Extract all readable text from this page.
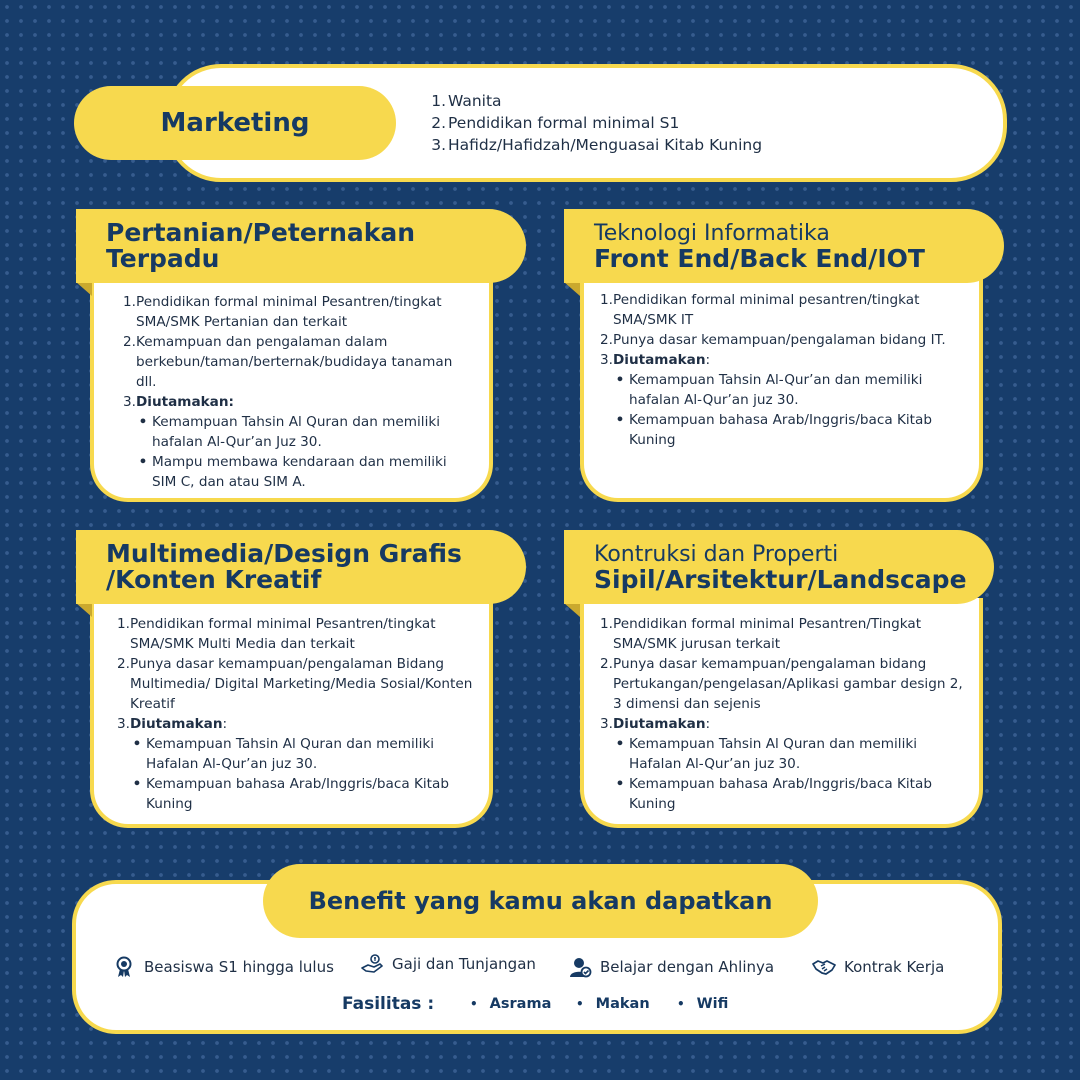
Marketing
1. Wanita
2. Pendidikan formal minimal S1
3. Hafidz/Hafidzah/Menguasai Kitab Kuning
Pertanian/Peternakan
Terpadu
1. Pendidikan formal minimal Pesantren/tingkat SMA/SMK Pertanian dan terkait
2. Kemampuan dan pengalaman dalam berkebun/taman/berternak/budidaya tanaman dll.
3. Diutamakan:
• Kemampuan Tahsin Al Quran dan memiliki hafalan Al-Qur’an Juz 30.
• Mampu membawa kendaraan dan memiliki SIM C, dan atau SIM A.
Teknologi Informatika
Front End/Back End/IOT
1. Pendidikan formal minimal pesantren/tingkat SMA/SMK IT
2. Punya dasar kemampuan/pengalaman bidang IT.
3. Diutamakan:
• Kemampuan Tahsin Al-Qur’an dan memiliki hafalan Al-Qur’an juz 30.
• Kemampuan bahasa Arab/Inggris/baca Kitab Kuning
Multimedia/Design Grafis
/Konten Kreatif
1. Pendidikan formal minimal Pesantren/tingkat SMA/SMK Multi Media dan terkait
2. Punya dasar kemampuan/pengalaman Bidang Multimedia/ Digital Marketing/Media Sosial/Konten Kreatif
3. Diutamakan:
• Kemampuan Tahsin Al Quran dan memiliki Hafalan Al-Qur’an juz 30.
• Kemampuan bahasa Arab/Inggris/baca Kitab Kuning
Kontruksi dan Properti
Sipil/Arsitektur/Landscape
1. Pendidikan formal minimal Pesantren/Tingkat SMA/SMK jurusan terkait
2. Punya dasar kemampuan/pengalaman bidang Pertukangan/pengelasan/Aplikasi gambar design 2, 3 dimensi dan sejenis
3. Diutamakan:
• Kemampuan Tahsin Al Quran dan memiliki Hafalan Al-Qur’an juz 30.
• Kemampuan bahasa Arab/Inggris/baca Kitab Kuning
Benefit yang kamu akan dapatkan
Beasiswa S1 hingga lulus	Gaji dan Tunjangan	Belajar dengan Ahlinya	Kontrak Kerja
Fasilitas :	• Asrama • Makan • Wifi
